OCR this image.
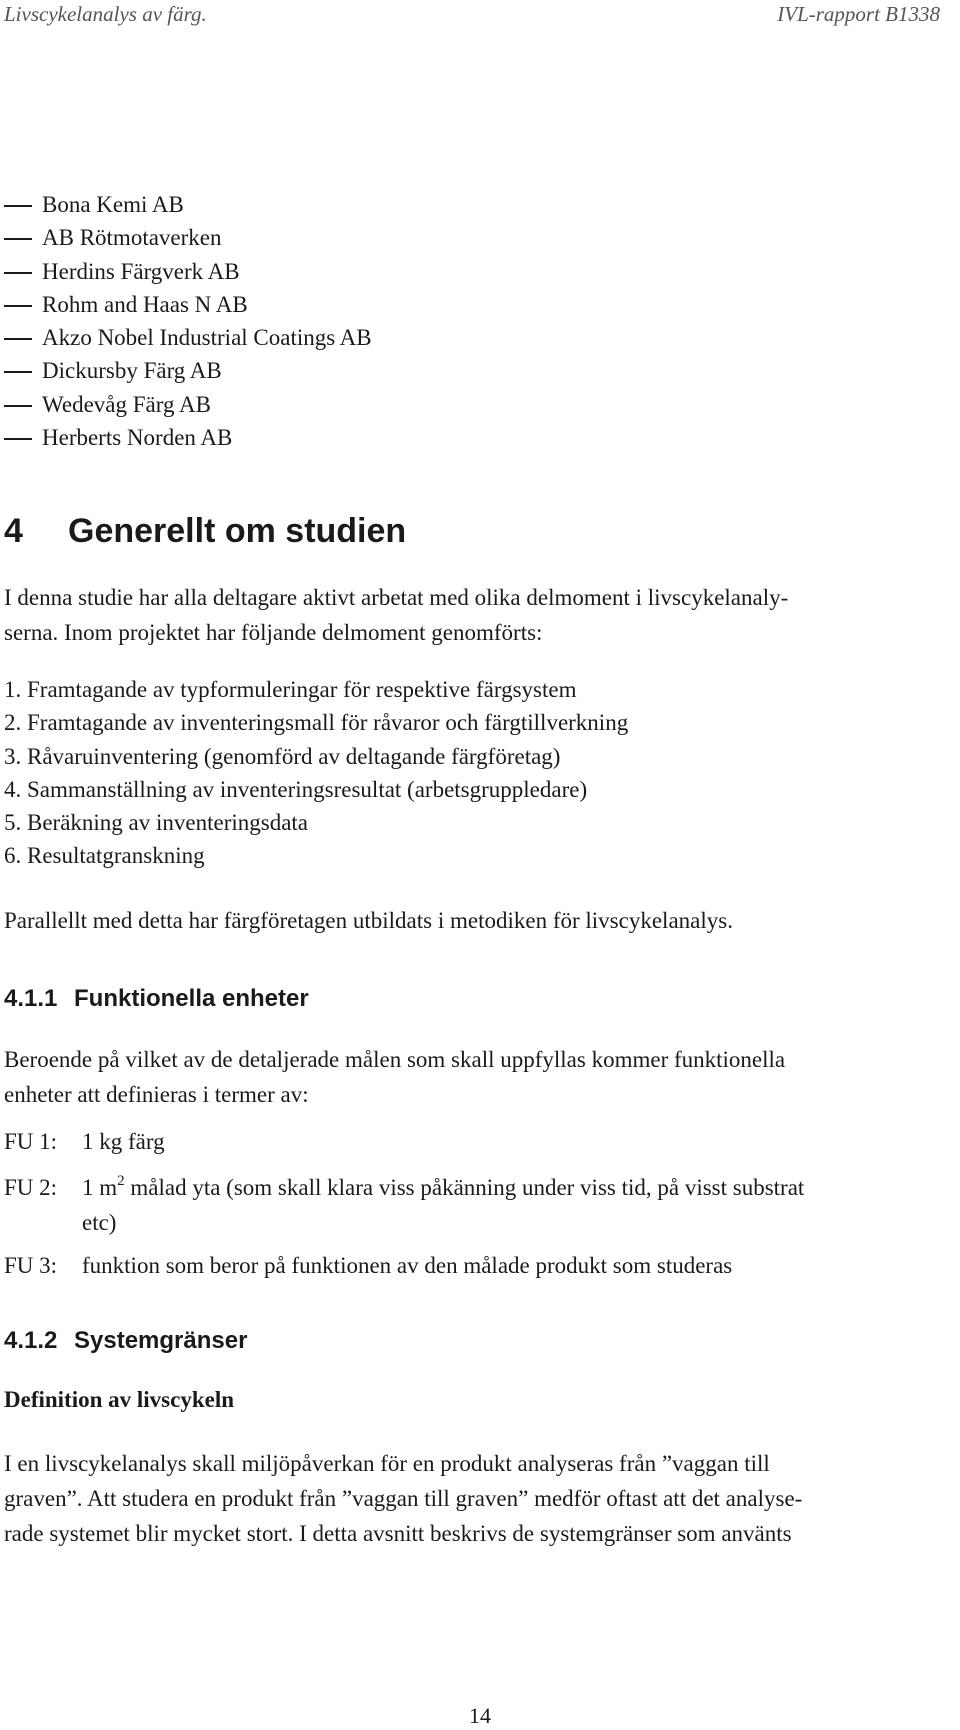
Livscykelanalys av färg.	IVL-rapport B1338
Bona Kemi AB
AB Rötmotaverken
Herdins Färgverk AB
Rohm and Haas N AB
Akzo Nobel Industrial Coatings AB
Dickursby Färg AB
Wedevåg Färg AB
Herberts Norden AB
4 Generellt om studien
I denna studie har alla deltagare aktivt arbetat med olika delmoment i livscykelanaly-
serna. Inom projektet har följande delmoment genomförts:
1. Framtagande av typformuleringar för respektive färgsystem
2. Framtagande av inventeringsmall för råvaror och färgtillverkning
3. Råvaruinventering (genomförd av deltagande färgföretag)
4. Sammanställning av inventeringsresultat (arbetsgruppledare)
5. Beräkning av inventeringsdata
6. Resultatgranskning
Parallellt med detta har färgföretagen utbildats i metodiken för livscykelanalys.
4.1.1 Funktionella enheter
Beroende på vilket av de detaljerade målen som skall uppfyllas kommer funktionella
enheter att definieras i termer av:
FU 1: 1 kg färg
FU 2: 1 $m^2$ målad yta (som skall klara viss påkänning under viss tid, på visst substrat
etc)
FU 3: funktion som beror på funktionen av den målade produkt som studeras
4.1.2 Systemgränser
Definition av livscykeln
I en livscykelanalys skall miljöpåverkan för en produkt analyseras från ”vaggan till
graven”. Att studera en produkt från ”vaggan till graven” medför oftast att det analyse-
rade systemet blir mycket stort. I detta avsnitt beskrivs de systemgränser som använts
14
